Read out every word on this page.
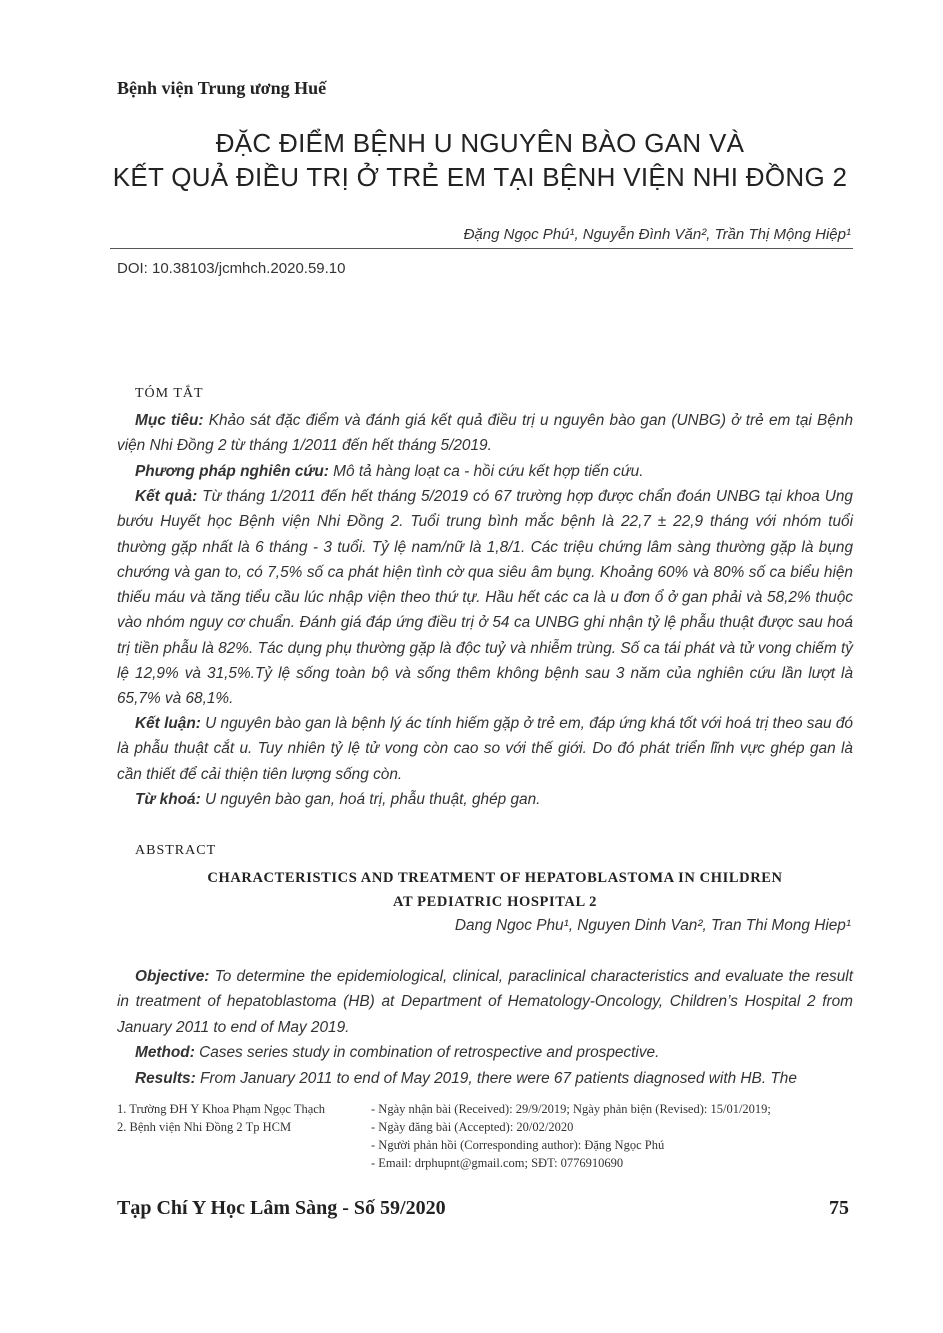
Bệnh viện Trung ương Huế
ĐẶC ĐIỂM BỆNH U NGUYÊN BÀO GAN VÀ
KẾT QUẢ ĐIỀU TRỊ Ở TRẺ EM TẠI BỆNH VIỆN NHI ĐỒNG 2
Đặng Ngọc Phú¹, Nguyễn Đình Văn², Trần Thị Mộng Hiệp¹
DOI: 10.38103/jcmhch.2020.59.10
TÓM TẮT
Mục tiêu: Khảo sát đặc điểm và đánh giá kết quả điều trị u nguyên bào gan (UNBG) ở trẻ em tại Bệnh viện Nhi Đồng 2 từ tháng 1/2011 đến hết tháng 5/2019.
Phương pháp nghiên cứu: Mô tả hàng loạt ca - hồi cứu kết hợp tiến cứu.
Kết quả: Từ tháng 1/2011 đến hết tháng 5/2019 có 67 trường hợp được chẩn đoán UNBG tại khoa Ung bướu Huyết học Bệnh viện Nhi Đồng 2. Tuổi trung bình mắc bệnh là 22,7 ± 22,9 tháng với nhóm tuổi thường gặp nhất là 6 tháng - 3 tuổi. Tỷ lệ nam/nữ là 1,8/1. Các triệu chứng lâm sàng thường gặp là bụng chướng và gan to, có 7,5% số ca phát hiện tình cờ qua siêu âm bụng. Khoảng 60% và 80% số ca biểu hiện thiếu máu và tăng tiểu cầu lúc nhập viện theo thứ tự. Hầu hết các ca là u đơn ổ ở gan phải và 58,2% thuộc vào nhóm nguy cơ chuẩn. Đánh giá đáp ứng điều trị ở 54 ca UNBG ghi nhận tỷ lệ phẫu thuật được sau hoá trị tiền phẫu là 82%. Tác dụng phụ thường gặp là độc tuỷ và nhiễm trùng. Số ca tái phát và tử vong chiếm tỷ lệ 12,9% và 31,5%.Tỷ lệ sống toàn bộ và sống thêm không bệnh sau 3 năm của nghiên cứu lần lượt là 65,7% và 68,1%.
Kết luận: U nguyên bào gan là bệnh lý ác tính hiếm gặp ở trẻ em, đáp ứng khá tốt với hoá trị theo sau đó là phẫu thuật cắt u. Tuy nhiên tỷ lệ tử vong còn cao so với thế giới. Do đó phát triển lĩnh vực ghép gan là cần thiết để cải thiện tiên lượng sống còn.
Từ khoá: U nguyên bào gan, hoá trị, phẫu thuật, ghép gan.
ABSTRACT
CHARACTERISTICS AND TREATMENT OF HEPATOBLASTOMA IN CHILDREN
AT PEDIATRIC HOSPITAL 2
Dang Ngoc Phu¹, Nguyen Dinh Van², Tran Thi Mong Hiep¹
Objective: To determine the epidemiological, clinical, paraclinical characteristics and evaluate the result in treatment of hepatoblastoma (HB) at Department of Hematology-Oncology, Children’s Hospital 2 from January 2011 to end of May 2019.
Method: Cases series study in combination of retrospective and prospective.
Results: From January 2011 to end of May 2019, there were 67 patients diagnosed with HB. The
1. Trường ĐH Y Khoa Phạm Ngọc Thạch
2. Bệnh viện Nhi Đồng 2 Tp HCM
- Ngày nhận bài (Received): 29/9/2019; Ngày phản biện (Revised): 15/01/2019;
- Ngày đăng bài (Accepted): 20/02/2020
- Người phản hồi (Corresponding author): Đặng Ngọc Phú
- Email: drphupnt@gmail.com; SĐT: 0776910690
Tạp Chí Y Học Lâm Sàng - Số 59/2020	75
